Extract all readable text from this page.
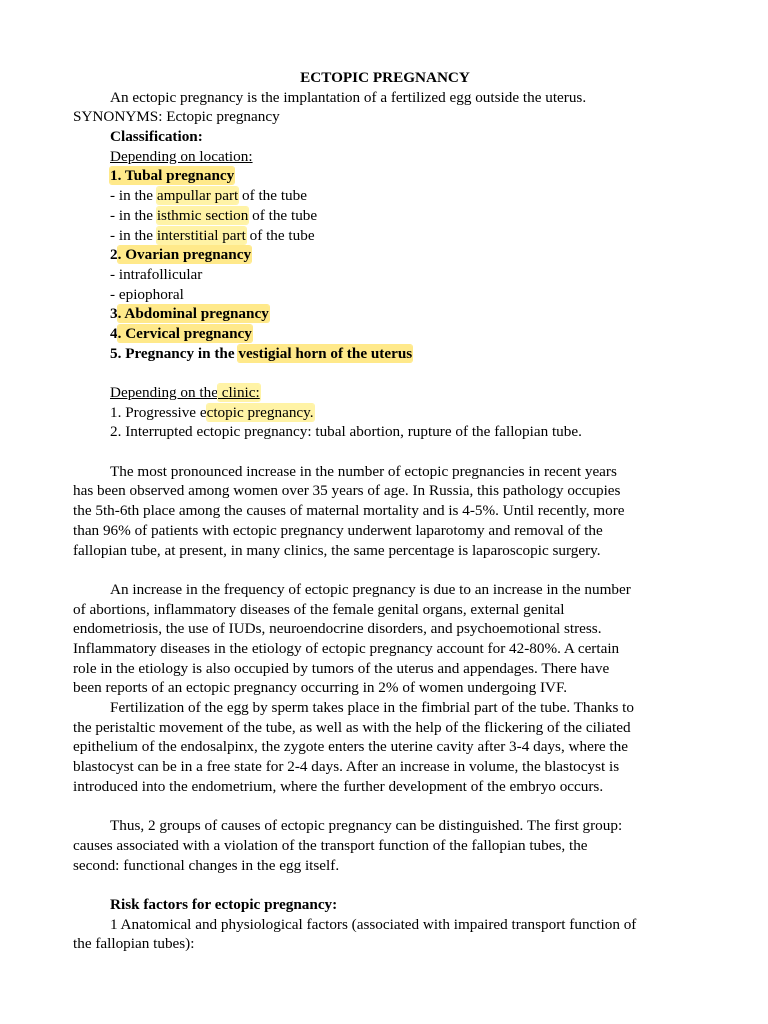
ECTOPIC PREGNANCY
An ectopic pregnancy is the implantation of a fertilized egg outside the uterus.
SYNONYMS: Ectopic pregnancy
Classification:
Depending on location:
1. Tubal pregnancy
- in the ampullar part of the tube
- in the isthmic section of the tube
- in the interstitial part of the tube
2. Ovarian pregnancy
- intrafollicular
- epiophoral
3. Abdominal pregnancy
4. Cervical pregnancy
5. Pregnancy in the vestigial horn of the uterus
Depending on the clinic:
1. Progressive ectopic pregnancy.
2. Interrupted ectopic pregnancy: tubal abortion, rupture of the fallopian tube.
The most pronounced increase in the number of ectopic pregnancies in recent years
has been observed among women over 35 years of age. In Russia, this pathology occupies
the 5th-6th place among the causes of maternal mortality and is 4-5%. Until recently, more
than 96% of patients with ectopic pregnancy underwent laparotomy and removal of the
fallopian tube, at present, in many clinics, the same percentage is laparoscopic surgery.
An increase in the frequency of ectopic pregnancy is due to an increase in the number
of abortions, inflammatory diseases of the female genital organs, external genital
endometriosis, the use of IUDs, neuroendocrine disorders, and psychoemotional stress.
Inflammatory diseases in the etiology of ectopic pregnancy account for 42-80%. A certain
role in the etiology is also occupied by tumors of the uterus and appendages. There have
been reports of an ectopic pregnancy occurring in 2% of women undergoing IVF.
Fertilization of the egg by sperm takes place in the fimbrial part of the tube. Thanks to
the peristaltic movement of the tube, as well as with the help of the flickering of the ciliated
epithelium of the endosalpinx, the zygote enters the uterine cavity after 3-4 days, where the
blastocyst can be in a free state for 2-4 days. After an increase in volume, the blastocyst is
introduced into the endometrium, where the further development of the embryo occurs.
Thus, 2 groups of causes of ectopic pregnancy can be distinguished. The first group:
causes associated with a violation of the transport function of the fallopian tubes, the
second: functional changes in the egg itself.
Risk factors for ectopic pregnancy:
1 Anatomical and physiological factors (associated with impaired transport function of
the fallopian tubes):
